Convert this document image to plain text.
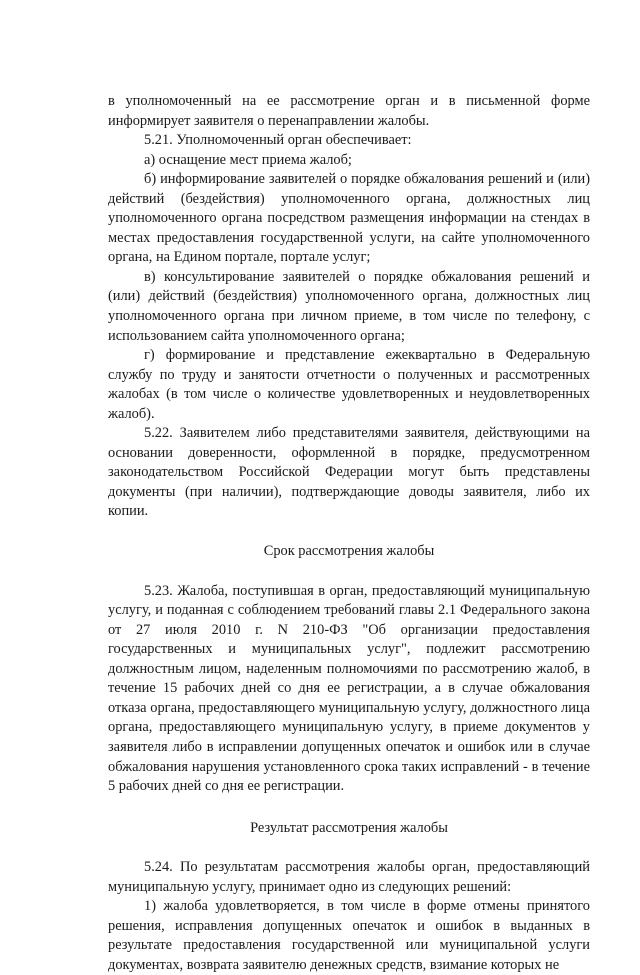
в уполномоченный на ее рассмотрение орган и в письменной форме информирует заявителя о перенаправлении жалобы.

5.21. Уполномоченный орган обеспечивает:

а) оснащение мест приема жалоб;

б) информирование заявителей о порядке обжалования решений и (или) действий (бездействия) уполномоченного органа, должностных лиц уполномоченного органа посредством размещения информации на стендах в местах предоставления государственной услуги, на сайте уполномоченного органа, на Едином портале, портале услуг;

в) консультирование заявителей о порядке обжалования решений и (или) действий (бездействия) уполномоченного органа, должностных лиц уполномоченного органа при личном приеме, в том числе по телефону, с использованием сайта уполномоченного органа;

г) формирование и представление ежеквартально в Федеральную службу по труду и занятости отчетности о полученных и рассмотренных жалобах (в том числе о количестве удовлетворенных и неудовлетворенных жалоб).

5.22. Заявителем либо представителями заявителя, действующими на основании доверенности, оформленной в порядке, предусмотренном законодательством Российской Федерации могут быть представлены документы (при наличии), подтверждающие доводы заявителя, либо их копии.

Срок рассмотрения жалобы

5.23. Жалоба, поступившая в орган, предоставляющий муниципальную услугу, и поданная с соблюдением требований главы 2.1 Федерального закона от 27 июля 2010 г. N 210-ФЗ "Об организации предоставления государственных и муниципальных услуг", подлежит рассмотрению должностным лицом, наделенным полномочиями по рассмотрению жалоб, в течение 15 рабочих дней со дня ее регистрации, а в случае обжалования отказа органа, предоставляющего муниципальную услугу, должностного лица органа, предоставляющего муниципальную услугу, в приеме документов у заявителя либо в исправлении допущенных опечаток и ошибок или в случае обжалования нарушения установленного срока таких исправлений - в течение 5 рабочих дней со дня ее регистрации.

Результат рассмотрения жалобы

5.24. По результатам рассмотрения жалобы орган, предоставляющий муниципальную услугу, принимает одно из следующих решений:

1) жалоба удовлетворяется, в том числе в форме отмены принятого решения, исправления допущенных опечаток и ошибок в выданных в результате предоставления государственной или муниципальной услуги документах, возврата заявителю денежных средств, взимание которых не
